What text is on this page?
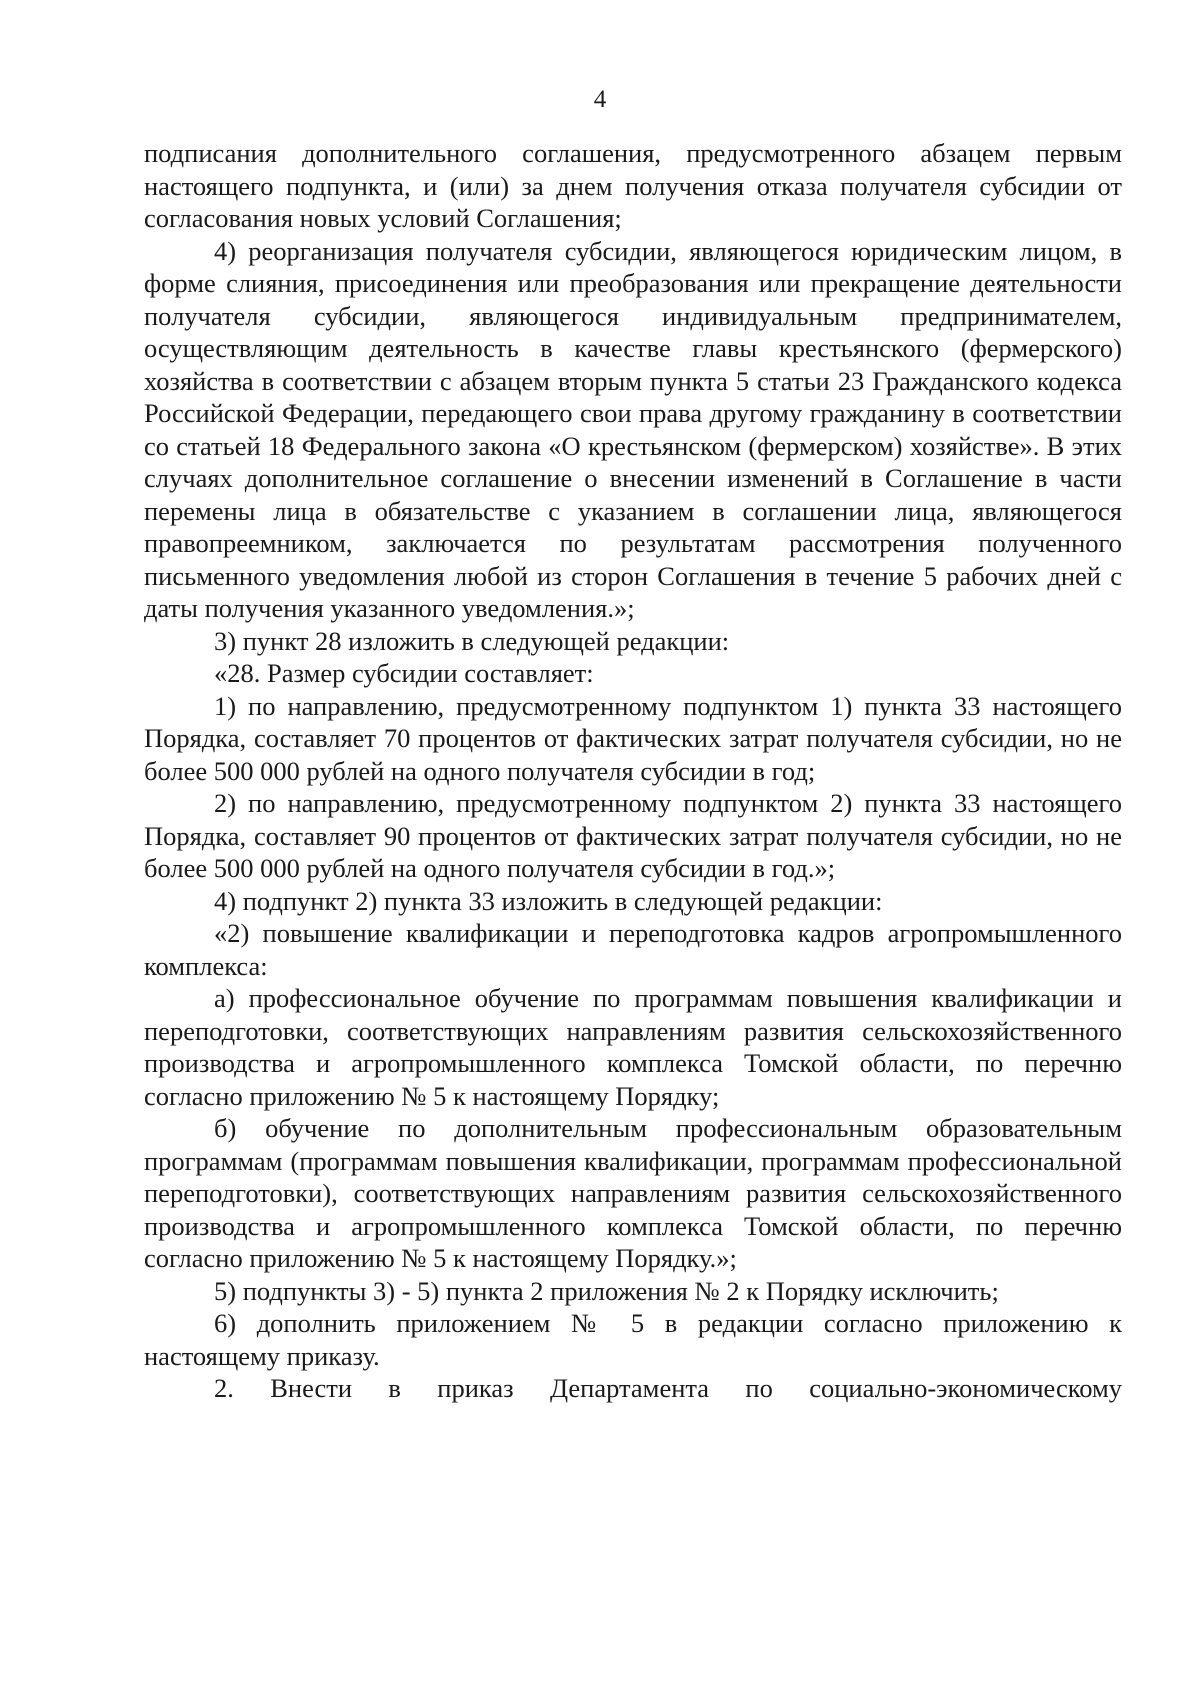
4

подписания дополнительного соглашения, предусмотренного абзацем первым настоящего подпункта, и (или) за днем получения отказа получателя субсидии от согласования новых условий Соглашения;

4) реорганизация получателя субсидии, являющегося юридическим лицом, в форме слияния, присоединения или преобразования или прекращение деятельности получателя субсидии, являющегося индивидуальным предпринимателем, осуществляющим деятельность в качестве главы крестьянского (фермерского) хозяйства в соответствии с абзацем вторым пункта 5 статьи 23 Гражданского кодекса Российской Федерации, передающего свои права другому гражданину в соответствии со статьей 18 Федерального закона «О крестьянском (фермерском) хозяйстве». В этих случаях дополнительное соглашение о внесении изменений в Соглашение в части перемены лица в обязательстве с указанием в соглашении лица, являющегося правопреемником, заключается по результатам рассмотрения полученного письменного уведомления любой из сторон Соглашения в течение 5 рабочих дней с даты получения указанного уведомления.»;

3) пункт 28 изложить в следующей редакции:

«28. Размер субсидии составляет:

1) по направлению, предусмотренному подпунктом 1) пункта 33 настоящего Порядка, составляет 70 процентов от фактических затрат получателя субсидии, но не более 500 000 рублей на одного получателя субсидии в год;

2) по направлению, предусмотренному подпунктом 2) пункта 33 настоящего Порядка, составляет 90 процентов от фактических затрат получателя субсидии, но не более 500 000 рублей на одного получателя субсидии в год.»;

4) подпункт 2) пункта 33 изложить в следующей редакции:

«2) повышение квалификации и переподготовка кадров агропромышленного комплекса:

а) профессиональное обучение по программам повышения квалификации и переподготовки, соответствующих направлениям развития сельскохозяйственного производства и агропромышленного комплекса Томской области, по перечню согласно приложению № 5 к настоящему Порядку;

б) обучение по дополнительным профессиональным образовательным программам (программам повышения квалификации, программам профессиональной переподготовки), соответствующих направлениям развития сельскохозяйственного производства и агропромышленного комплекса Томской области, по перечню согласно приложению № 5 к настоящему Порядку.»;

5) подпункты 3) - 5) пункта 2 приложения № 2 к Порядку исключить;

6) дополнить приложением № 5 в редакции согласно приложению к настоящему приказу.

2. Внести в приказ Департамента по социально-экономическому
